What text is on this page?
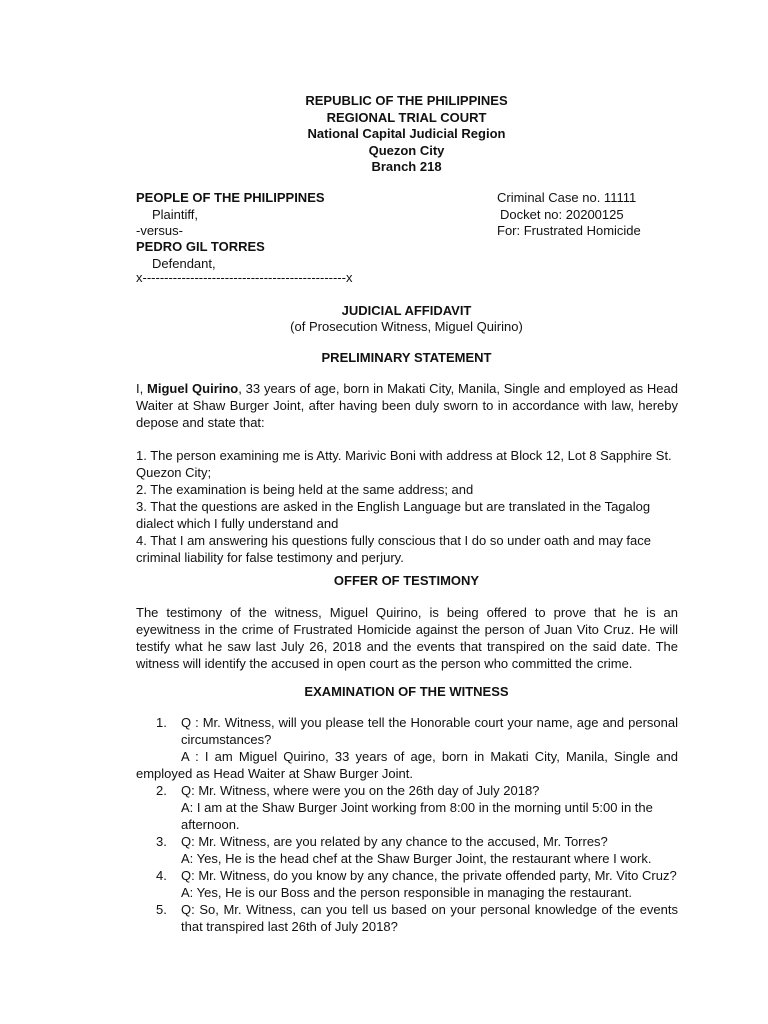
REPUBLIC OF THE PHILIPPINES
REGIONAL TRIAL COURT
National Capital Judicial Region
Quezon City
Branch 218
PEOPLE OF THE PHILIPPINES
Plaintiff,
-versus-
PEDRO GIL TORRES
Defendant,
x-----------------------------------------------x
Criminal Case no. 11111
Docket no: 20200125
For: Frustrated Homicide
JUDICIAL AFFIDAVIT
(of Prosecution Witness, Miguel Quirino)
PRELIMINARY STATEMENT
I, Miguel Quirino, 33 years of age, born in Makati City, Manila, Single and employed as Head Waiter at Shaw Burger Joint, after having been duly sworn to in accordance with law, hereby depose and state that:
1. The person examining me is Atty. Marivic Boni with address at Block 12, Lot 8 Sapphire St. Quezon City;
2. The examination is being held at the same address; and
3. That the questions are asked in the English Language but are translated in the Tagalog dialect which I fully understand and
4. That I am answering his questions fully conscious that I do so under oath and may face criminal liability for false testimony and perjury.
OFFER OF TESTIMONY
The testimony of the witness, Miguel Quirino, is being offered to prove that he is an eyewitness in the crime of Frustrated Homicide against the person of Juan Vito Cruz. He will testify what he saw last July 26, 2018 and the events that transpired on the said date. The witness will identify the accused in open court as the person who committed the crime.
EXAMINATION OF THE WITNESS
1. Q : Mr. Witness, will you please tell the Honorable court your name, age and personal circumstances?
A : I am Miguel Quirino, 33 years of age, born in Makati City, Manila, Single and employed as Head Waiter at Shaw Burger Joint.
2. Q: Mr. Witness, where were you on the 26th day of July 2018?
A: I am at the Shaw Burger Joint working from 8:00 in the morning until 5:00 in the afternoon.
3. Q: Mr. Witness, are you related by any chance to the accused, Mr. Torres?
A: Yes, He is the head chef at the Shaw Burger Joint, the restaurant where I work.
4. Q: Mr. Witness, do you know by any chance, the private offended party, Mr. Vito Cruz?
A: Yes, He is our Boss and the person responsible in managing the restaurant.
5. Q: So, Mr. Witness, can you tell us based on your personal knowledge of the events that transpired last 26th of July 2018?
